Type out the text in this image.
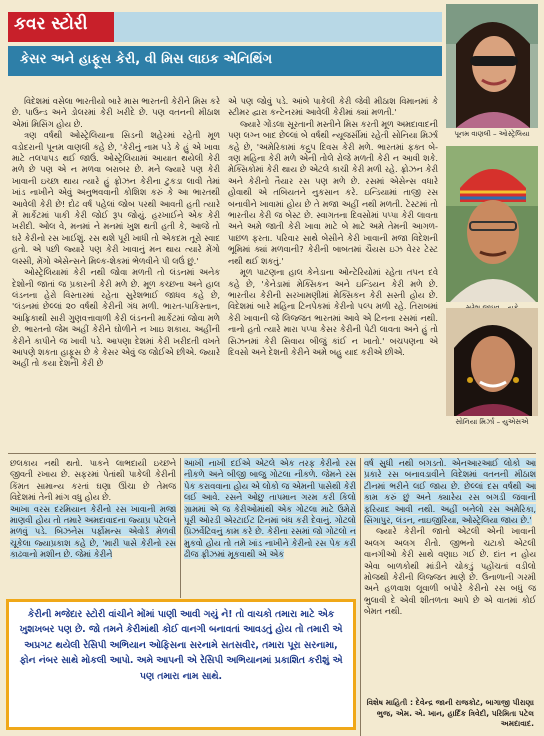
કવર સ્ટોરી
કેસર અને હાફૂસ કેરી, વી મિસ લાઇક એનિથિંગ
પૂનમ વાણલી – ઓસ્ટ્રેલિયા
સોનિયા મિર્ઝા – યુએસએ

વિદેશમાં વસેલા ભારતીયો બારે માસ ભારતની કેરીને મિસ કરે છે. પાઉન્ડ અને ડોલરમાં કેરી ખરીદે છે. પણ વતનની મીઠાશ એમાં મિસિંગ હોય છે.

ત્રણ વર્ષથી ઓસ્ટ્રેલિયાના સિડની શહેરમાં રહેતી મૂળ વડોદરાની પૂનમ વાણલી કહે છે, 'કેરીનું નામ પડે કે હું એ ખાવા માટે તલપાપડ થઈ જાઉં. ઓસ્ટ્રેલિયામાં આયાત થયેલી કેરી મળે છે પણ એ ન મળવા બરાબર છે. મને જ્યારે પણ કેરી ખાવાની ઇચ્છા થાય ત્યારે હું ફ્રોઝન કેરીના ટુકડા લાવી તેમાં ખાંડ નાખીને એવું અનુભવવાની કોશિશ કરું કે આ ભારતથી આવેલી કેરી છે! દોઢ વર્ષ પહેલાં જોબ પરથી આવતી હતી ત્યારે મેં માર્કેટમાં પાકી કેરી જોઈ રૂપ જોયું. હરખાઈને એક કેરી ખરીદી. ઓલ વે, મનમાં ને મનમાં ખુશ થતી હતી કે, આજે તો ઘરે કેરીનો રસ ખાઈશું. રસ થશે પૂરી ખાધી તો એકદમ તૂરો સ્વાદ હતો. એ પછી જ્યારે પણ કેરી ખાવાનું મન થાય ત્યારે મેંગો લસ્સી, મેંગો એસેન્સને મિલ્ક-શેકમાં ભેળવીને પી લઉં છું.'

ઓસ્ટ્રેલિયામાં કેરી નથી જોવા મળતી તો લંડનમાં અનેક દેશોની જાતાં જ પ્રકારની કેરી મળે છે. મૂળ કચ્છના અને હાલ લંડનના હેરો વિસ્તારમાં રહેતા સુરેશભાઈ જાધવ કહે છે, 'લંડનમાં છેલ્લાં ૨૦ વર્ષથી કેરીની ગંધ મળી. ભારત-પાકિસ્તાન, આફ્રિકાથી સારી ગુણવત્તાવાળી કેરી લંડનની માર્કેટમાં જોવા મળે છે. ભારતનો જેમ અહીં કેરીને ઘોળીને ન ખાઇ શકાય. અહીંની કેરીને કાપીને જ ખાવી પડે. આપણા દેશમાં કેરી ખરીદતી વખતે આપણે શકતા હાફૂસ છે કે કેસર એવું જ જોઈએ છીએ. જ્યારે અહીં તો કયા દેશની કેરી છે

એ પણ જોવું પડે. આંબે પાકેલી કેરી જેવી મીઠાશ વિમાનમાં કે સ્ટીમર દ્વારા કન્ટેનરમાં આવેલી કેરીમાં ક્યાં મળતી.'

જ્યારે ગોંડલા સૂરતાની મસ્તીને મિસ કરતી મૂળ અમદાવાદની પણ લગ્ન બાદ છેલ્લાં બે વર્ષથી ન્યૂજર્સીમાં રહેતી સોનિયા મિર્ઝા કહે છે, 'અમેરિકામાં કદ્રુપ દિવસ કેરી મળે. ભારતમાં ફક્ત બે-ત્રણ મહિના કેરી મળે એની તોલે રોજે મળતી કેરી ન આવી શકે. મેક્સિકોમાં કેરી થાય છે એટલે કાચી કેરી મળી રહે. ફ્રોઝન કેરી અને કેરીનો તૈયાર રસ પણ મળે છે. રસમાં એસેન્સ વધારે હોવાથી એ તબિયતને નુકસાન કરે. ઇન્ડિયામાં તાજી રસ બનાવીને ખાવામાં હોય છે તે મજા અહીં નથી મળતી. ટેસ્ટમાં તો ભારતીય કેરી જ બેસ્ટ છે. સ્વાગતના દિવસોમાં પપ્પા કેરી લાવતા અને અમે જાતી કેરી ખાવા માટે બે માટે અમે તેમની આગળ-પાછળ ફરતા. પરિવાર સાથે બેસીને કેરી ખાવાની મજા વિદેશની ભૂમિમાં ક્યાં મળવાની? કેરીની બાબતમાં ચૈયસ ઇઝ વેરર ટેસ્ટ નથી થઈ શકતું.'

મૂળ પાટણના હાલ કેનેડાના ઓન્ટેરિયોમાં રહેતા તપન દવે કહે છે, 'કેનેડામાં મેક્સિકન અને ઇન્ડિયન કેરી મળે છે. ભારતીય કેરીની સરખામણીમાં મેક્સિકન કેરી સસ્તી હોય છે. વિદેશમાં બારે મહિના ટિનપેકમાં કેરીનો પલ્પ મળી રહે. તિરાબમાં કેરી ખાવાની જે લિજ્જત ભારતમાં આવે એ ટિનના રસમાં નથી. નાનો હતો ત્યારે મારા પપ્પા કેસર કેરીની પેટી લાવતા અને હું તો સિઝનમાં કેરી સિવાય બીજું કાંઈ ન ખાતો.' બચપણના એ દિવસો અને દેશની કેરીને અમે બહુ યાદ કરીએ છીએ.

છલકાય નથી થતો. પાકને લાભદાયી ઇચ્છને જીવતી રખાય છે. સફરમાં પેતાંથી પાકેલી કેરીની કિંમત સામાન્ય કરતાં ઘણા ઊંચા છે તેમજ વિદેશમાં તેની માંગ વધુ હોય છે.

આખા વરસ દરમિયાન કેરીનો રસ ખાવાની મજા માણવી હોય તો તમારે અમદાવાદના જ્યાપ્ર પટેલને મળવું પડે. બિઝનેસ પર્ફોમન્સ એવોર્ડ મેળવી ચૂકેલા જ્યાપ્રકાશ કહે છે, 'મારી પાસે કેરીનો રસ કાઢવાનો મશીન છે. જેમાં કેરીને

આખી નાખી દઈએ એટલે એક તરફ કેરીનો રસ નીકળે અને બીજી બાજુ ગોટલા નીકળે. જેમને રસ પેક કરાવવાના હોય એ લોકો જ એમની પાસેથી કેરી લઈ આવે. રસને ઓછુ તાપમાન ગરમ કરી કિલો ગ્રામમાં એ જ કેરીઓમાંથી એક ગોટલા માટે ઉમેરો પૂરી ઓરડી એરટાઈટ ટિનમાં બંધ કરી દેવાનું. ગોટલો પ્રિઝર્વેટિવનું કામ કરે છે. કેરીના રસમાં જો ગોટલો ન મુકવો હોય તો તમે ખાંડ નાખીને કેરીનો રસ પેક કરી ઢીજ ફ્રીઝમાં મૂકવાથી એ એક

વર્ષ સુધી નથી બગડતો. એનઆરઆઈ લોકો આ પ્રકારે રસ બનાવડાવીને વિદેશમાં વતનની મીઠાશ ટીનમાં ભરીને લઈ જાય છે. છેલ્લાં દસ વર્ષથી આ કામ કરું છું અને ક્યારેય રસ બગડી જવાની ફરિયાદ આવી નથી. અહીં બનેલો રસ અમેરિકા, સિંગાપુર, લંડન, નાઇજીરિયા, ઓસ્ટ્રેલિયા જાય છે.'

જ્યારે કેરીની જાતો એટલી એની ખાવાની અલગ અલગ રીતો. જીભનો ચટાકો એટલી વાનગીઓ કેરી સાથે વણાઇ ગઈ છે. દાંત ન હોય એવા બાળકોથી માંડીને ચોકડું પહોંચતાં વડીલો મોજથી કેરીની લિજ્જત માણે છે. ઉનાળાની ગરમી અને હળવાશ લૂવાળી બપોરે કેરીનો રસ બધું જ ભુલાવી દે એવી શીતળતા આપે છે એ વાતમાં કોઈ બેમત નથી.

કેરીની મજેદાર સ્ટોરી વાંચીને મોંમાં પાણી આવી ગયું ને! તો વાચકો તમારા માટે એક ખુશખબર પણ છે. જો તમને કેરીમાંથી કોઈ વાનગી બનાવતાં આવડતું હોય તો તમારી એ અપ્રગટ થયેલી રેસિપી અભિયાન ઓફિસના સરનામે સતસવીર, તમારા પૂરા સરનામા, ફોન નંબર સાથે મોકલી આપો. અમે આપની એ રેસિપી અભિયાનમાં પ્રકાશિત કરીશું એ પણ તમારા નામ સાથે.
વિશેષ માહિતી : દેવેન્દ્ર જાની રાજકોટ, બાગાજી પીરાણા ભુજ, એમ. એ. ખાન, હાર્દિક ત્રિવેદી, પરિમિતા પટેલ અમદાવાદ.
